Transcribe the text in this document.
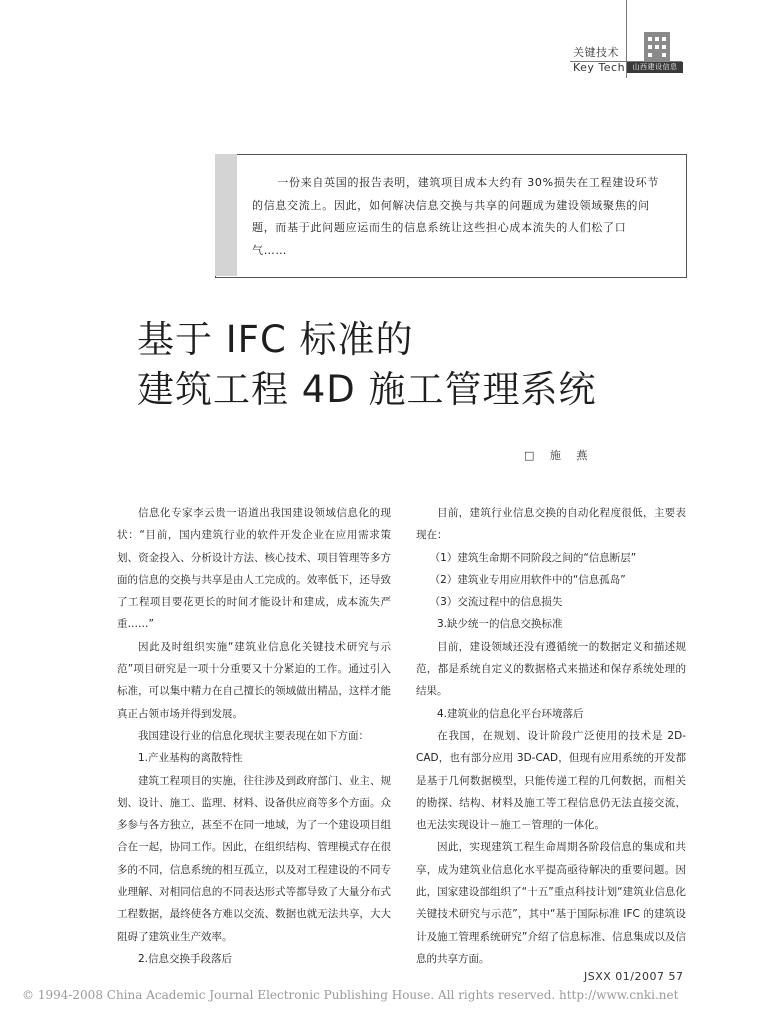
关键技术
Key Tech	山西建设信息
一份来自英国的报告表明，建筑项目成本大约有 30%损失在工程建设环节的信息交流上。因此，如何解决信息交换与共享的问题成为建设领域聚焦的问题，而基于此问题应运而生的信息系统让这些担心成本流失的人们松了口气……
基于 IFC 标准的
建筑工程 4D 施工管理系统
□ 施 燕

信息化专家李云贵一语道出我国建设领域信息化的现状：“目前，国内建筑行业的软件开发企业在应用需求策划、资金投入、分析设计方法、核心技术、项目管理等多方面的信息的交换与共享是由人工完成的。效率低下，还导致了工程项目要花更长的时间才能设计和建成，成本流失严重……”

因此及时组织实施“建筑业信息化关键技术研究与示范”项目研究是一项十分重要又十分紧迫的工作。通过引入标准，可以集中精力在自己擅长的领域做出精品，这样才能真正占领市场并得到发展。

我国建设行业的信息化现状主要表现在如下方面：

1.产业基构的离散特性

建筑工程项目的实施，往往涉及到政府部门、业主、规划、设计、施工、监理、材料、设备供应商等多个方面。众多参与各方独立，甚至不在同一地域，为了一个建设项目组合在一起，协同工作。因此，在组织结构、管理模式存在很多的不同，信息系统的相互孤立，以及对工程建设的不同专业理解、对相同信息的不同表达形式等都导致了大量分布式工程数据，最终使各方难以交流、数据也就无法共享，大大阻碍了建筑业生产效率。

2.信息交换手段落后

目前，建筑行业信息交换的自动化程度很低，主要表现在：

（1）建筑生命期不同阶段之间的“信息断层”

（2）建筑业专用应用软件中的“信息孤岛”

（3）交流过程中的信息损失

3.缺少统一的信息交换标准

目前，建设领域还没有遵循统一的数据定义和描述规范，都是系统自定义的数据格式来描述和保存系统处理的结果。

4.建筑业的信息化平台环境落后

在我国，在规划、设计阶段广泛使用的技术是 2D-CAD，也有部分应用 3D-CAD，但现有应用系统的开发都是基于几何数据模型，只能传递工程的几何数据，而相关的勘探、结构、材料及施工等工程信息仍无法直接交流，也无法实现设计－施工－管理的一体化。

因此，实现建筑工程生命周期各阶段信息的集成和共享，成为建筑业信息化水平提高亟待解决的重要问题。因此，国家建设部组织了“十五”重点科技计划“建筑业信息化关键技术研究与示范”，其中“基于国际标准 IFC 的建筑设计及施工管理系统研究”介绍了信息标准、信息集成以及信息的共享方面。

JSXX 01/2007 57
© 1994-2008 China Academic Journal Electronic Publishing House. All rights reserved. http://www.cnki.net
